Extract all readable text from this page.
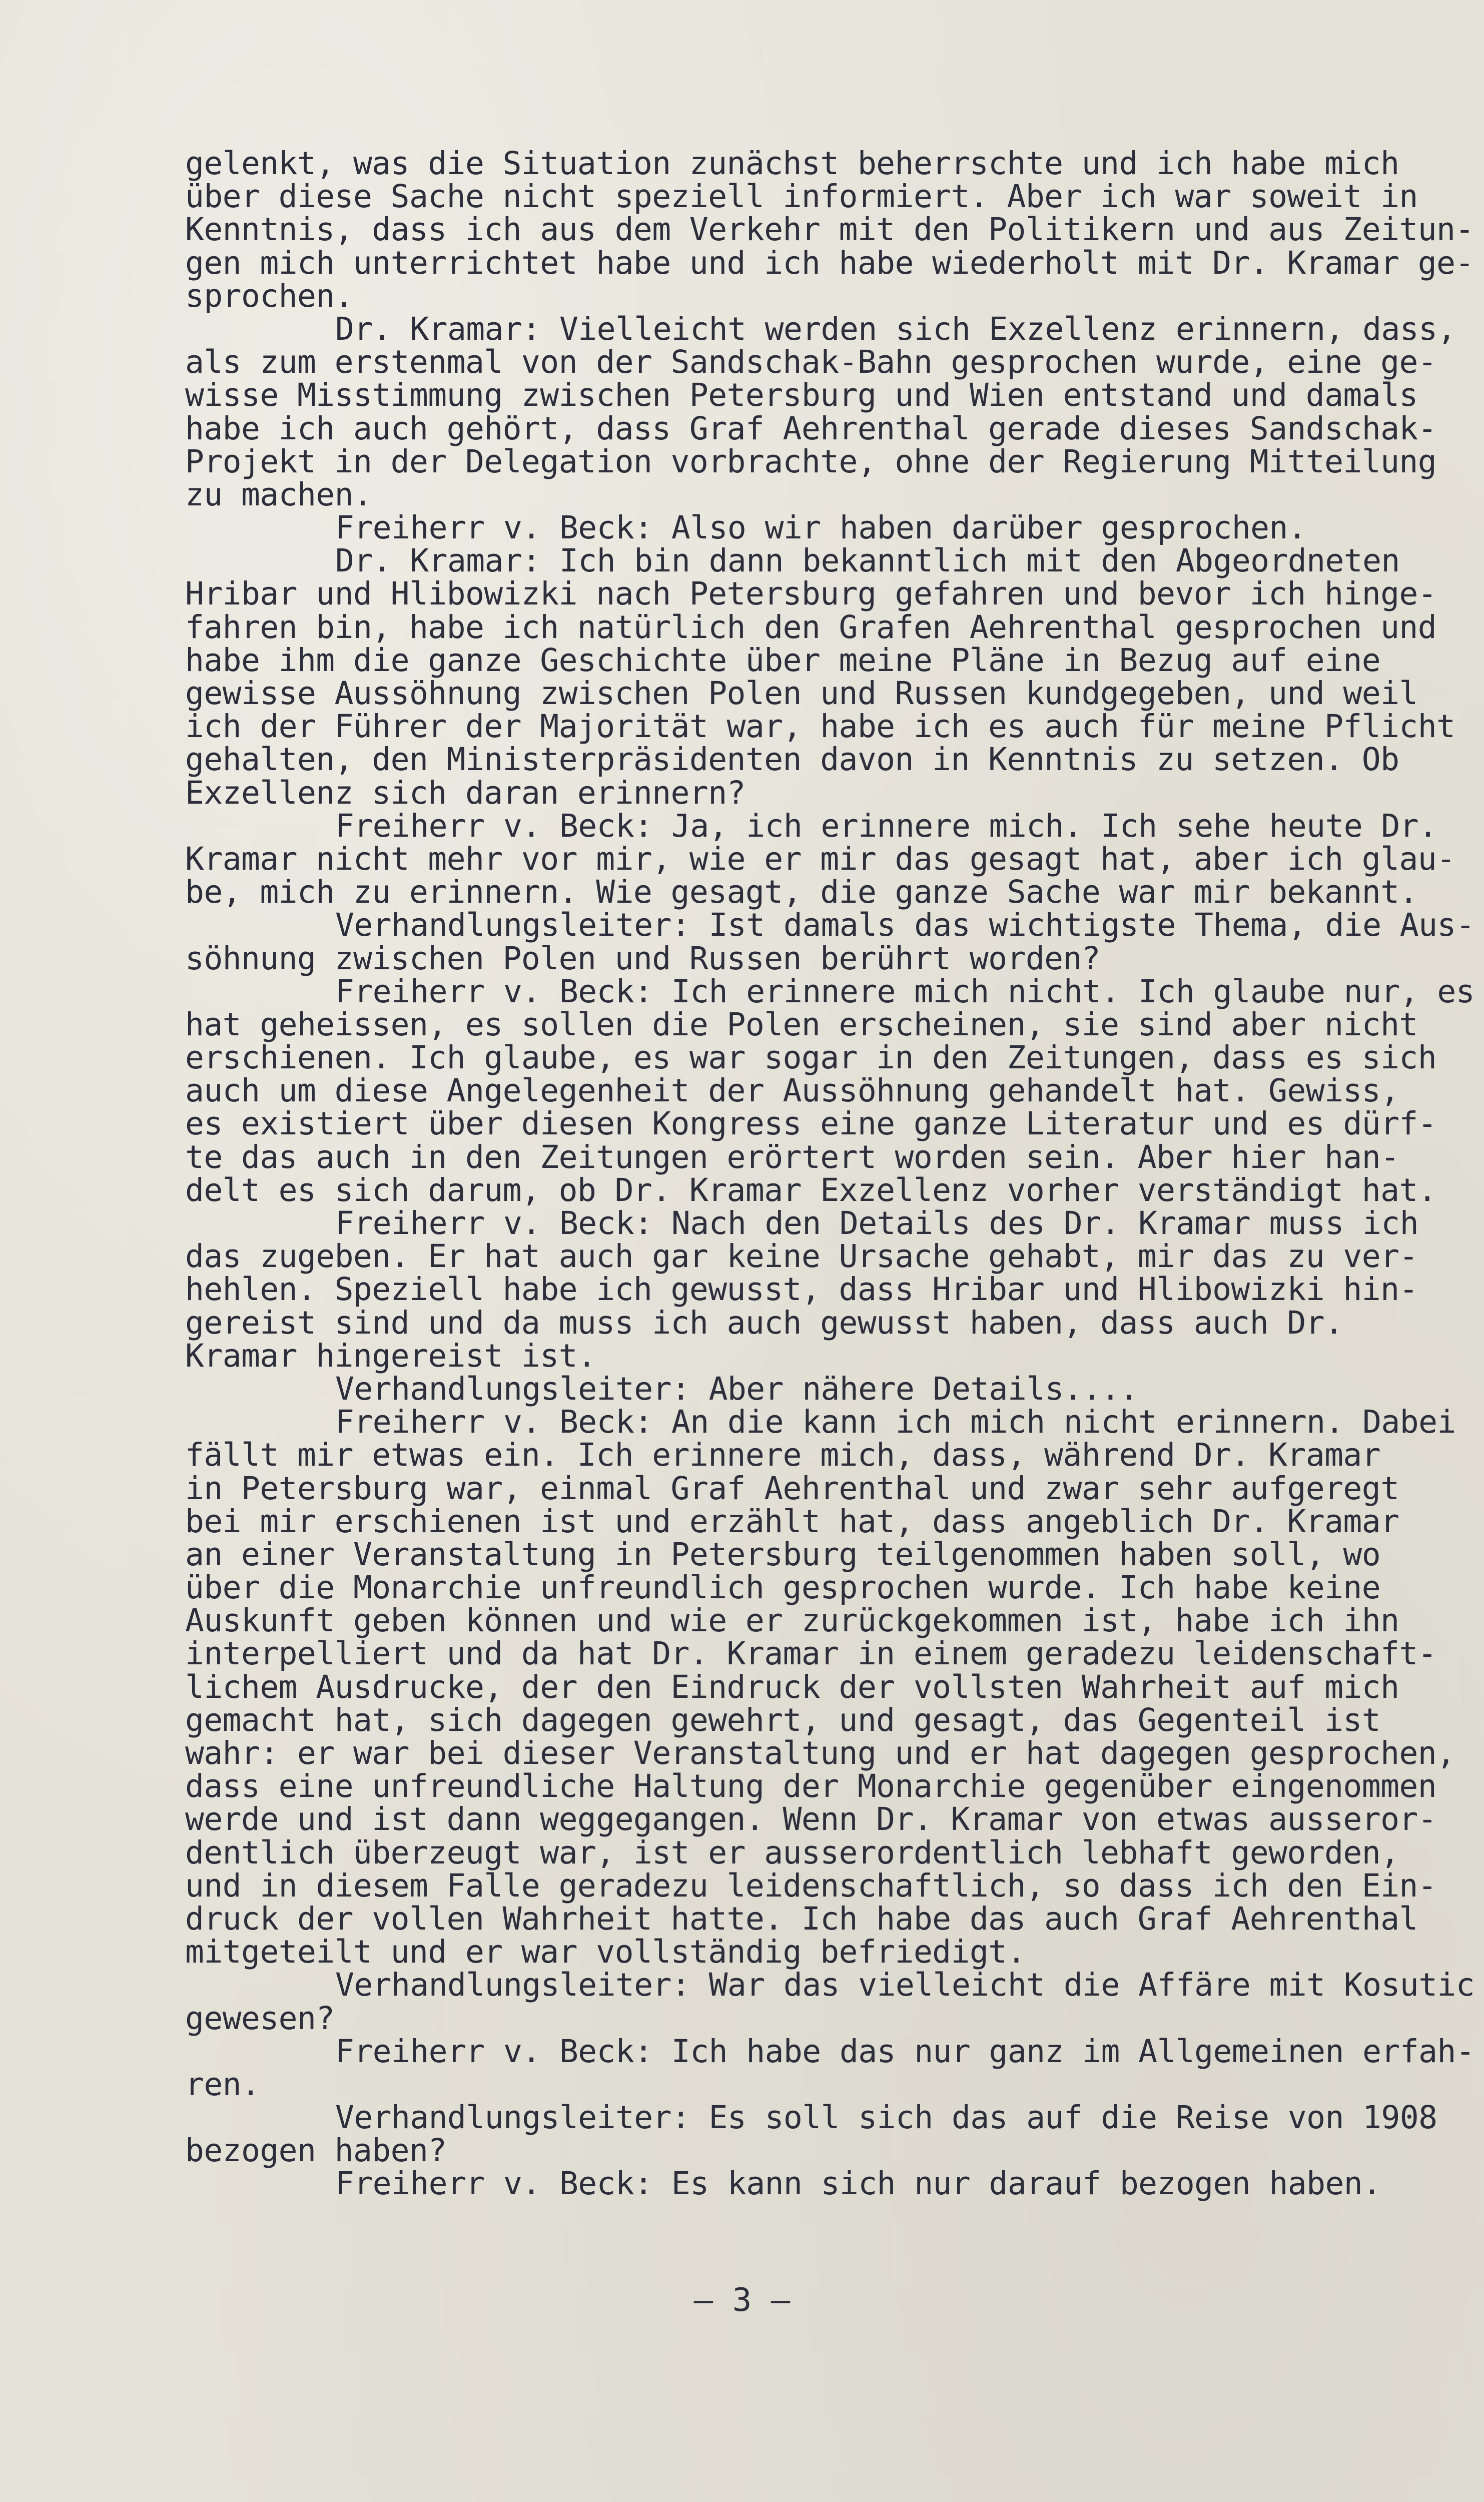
gelenkt, was die Situation zunächst beherrschte und ich habe mich
über diese Sache nicht speziell informiert. Aber ich war soweit in
Kenntnis, dass ich aus dem Verkehr mit den Politikern und aus Zeitun-
gen mich unterrichtet habe und ich habe wiederholt mit Dr. Kramar ge-
sprochen.
Dr. Kramar: Vielleicht werden sich Exzellenz erinnern, dass,
als zum erstenmal von der Sandschak-Bahn gesprochen wurde, eine ge-
wisse Misstimmung zwischen Petersburg und Wien entstand und damals
habe ich auch gehört, dass Graf Aehrenthal gerade dieses Sandschak-
Projekt in der Delegation vorbrachte, ohne der Regierung Mitteilung
zu machen.
Freiherr v. Beck: Also wir haben darüber gesprochen.
Dr. Kramar: Ich bin dann bekanntlich mit den Abgeordneten
Hribar und Hlibowizki nach Petersburg gefahren und bevor ich hinge-
fahren bin, habe ich natürlich den Grafen Aehrenthal gesprochen und
habe ihm die ganze Geschichte über meine Pläne in Bezug auf eine
gewisse Aussöhnung zwischen Polen und Russen kundgegeben, und weil
ich der Führer der Majorität war, habe ich es auch für meine Pflicht
gehalten, den Ministerpräsidenten davon in Kenntnis zu setzen. Ob
Exzellenz sich daran erinnern?
Freiherr v. Beck: Ja, ich erinnere mich. Ich sehe heute Dr.
Kramar nicht mehr vor mir, wie er mir das gesagt hat, aber ich glau-
be, mich zu erinnern. Wie gesagt, die ganze Sache war mir bekannt.
Verhandlungsleiter: Ist damals das wichtigste Thema, die Aus-
söhnung zwischen Polen und Russen berührt worden?
Freiherr v. Beck: Ich erinnere mich nicht. Ich glaube nur, es
hat geheissen, es sollen die Polen erscheinen, sie sind aber nicht
erschienen. Ich glaube, es war sogar in den Zeitungen, dass es sich
auch um diese Angelegenheit der Aussöhnung gehandelt hat. Gewiss,
es existiert über diesen Kongress eine ganze Literatur und es dürf-
te das auch in den Zeitungen erörtert worden sein. Aber hier han-
delt es sich darum, ob Dr. Kramar Exzellenz vorher verständigt hat.
Freiherr v. Beck: Nach den Details des Dr. Kramar muss ich
das zugeben. Er hat auch gar keine Ursache gehabt, mir das zu ver-
hehlen. Speziell habe ich gewusst, dass Hribar und Hlibowizki hin-
gereist sind und da muss ich auch gewusst haben, dass auch Dr.
Kramar hingereist ist.
Verhandlungsleiter: Aber nähere Details....
Freiherr v. Beck: An die kann ich mich nicht erinnern. Dabei
fällt mir etwas ein. Ich erinnere mich, dass, während Dr. Kramar
in Petersburg war, einmal Graf Aehrenthal und zwar sehr aufgeregt
bei mir erschienen ist und erzählt hat, dass angeblich Dr. Kramar
an einer Veranstaltung in Petersburg teilgenommen haben soll, wo
über die Monarchie unfreundlich gesprochen wurde. Ich habe keine
Auskunft geben können und wie er zurückgekommen ist, habe ich ihn
interpelliert und da hat Dr. Kramar in einem geradezu leidenschaft-
lichem Ausdrucke, der den Eindruck der vollsten Wahrheit auf mich
gemacht hat, sich dagegen gewehrt, und gesagt, das Gegenteil ist
wahr: er war bei dieser Veranstaltung und er hat dagegen gesprochen,
dass eine unfreundliche Haltung der Monarchie gegenüber eingenommen
werde und ist dann weggegangen. Wenn Dr. Kramar von etwas ausseror-
dentlich überzeugt war, ist er ausserordentlich lebhaft geworden,
und in diesem Falle geradezu leidenschaftlich, so dass ich den Ein-
druck der vollen Wahrheit hatte. Ich habe das auch Graf Aehrenthal
mitgeteilt und er war vollständig befriedigt.
Verhandlungsleiter: War das vielleicht die Affäre mit Kosutic
gewesen?
Freiherr v. Beck: Ich habe das nur ganz im Allgemeinen erfah-
ren.
Verhandlungsleiter: Es soll sich das auf die Reise von 1908
bezogen haben?
Freiherr v. Beck: Es kann sich nur darauf bezogen haben.
— 3 —
